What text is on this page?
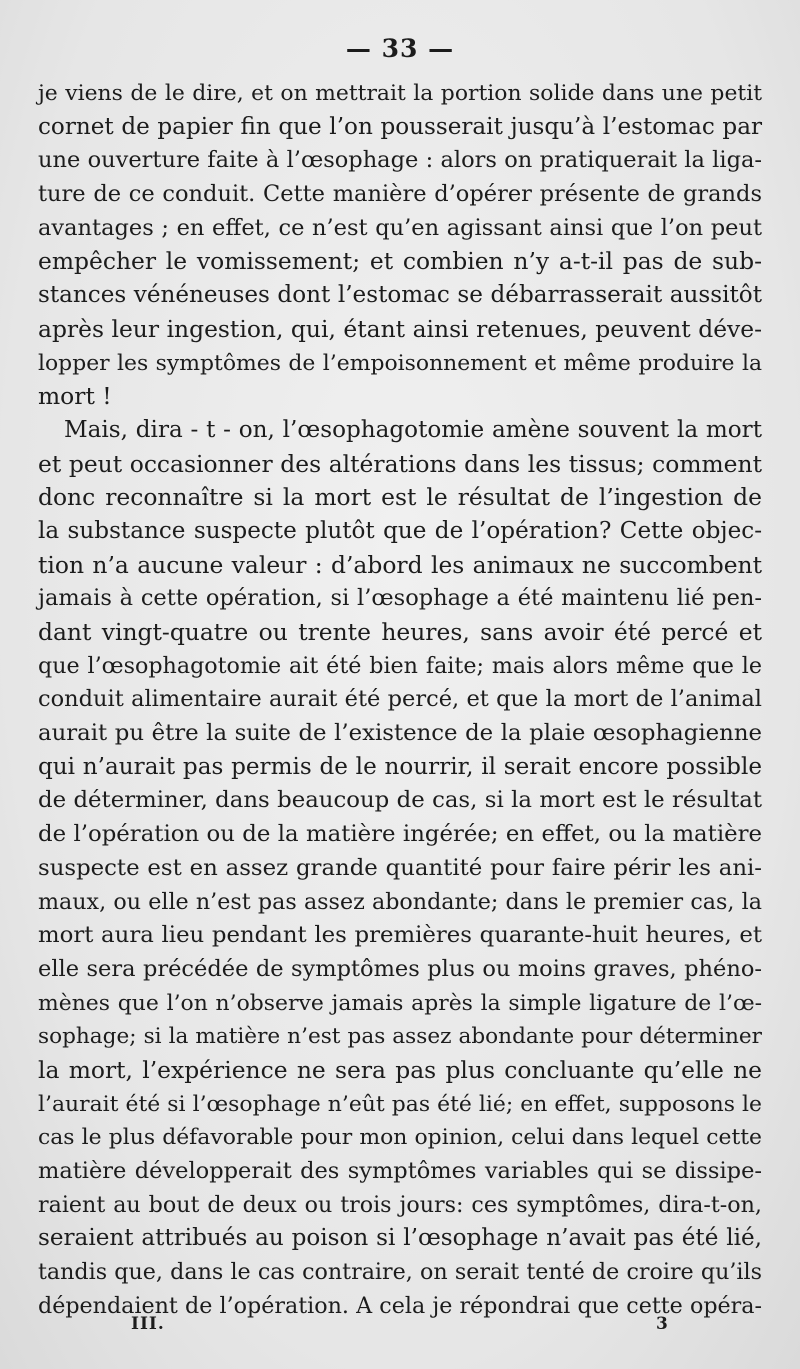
— 33 —
je viens de le dire, et on mettrait la portion solide dans une petit
cornet de papier fin que l’on pousserait jusqu’à l’estomac par
une ouverture faite à l’œsophage : alors on pratiquerait la liga-
ture de ce conduit. Cette manière d’opérer présente de grands
avantages ; en effet, ce n’est qu’en agissant ainsi que l’on peut
empêcher le vomissement; et combien n’y a-t-il pas de sub-
stances vénéneuses dont l’estomac se débarrasserait aussitôt
après leur ingestion, qui, étant ainsi retenues, peuvent déve-
lopper les symptômes de l’empoisonnement et même produire la
mort !
Mais, dira - t - on, l’œsophagotomie amène souvent la mort
et peut occasionner des altérations dans les tissus; comment
donc reconnaître si la mort est le résultat de l’ingestion de
la substance suspecte plutôt que de l’opération? Cette objec-
tion n’a aucune valeur : d’abord les animaux ne succombent
jamais à cette opération, si l’œsophage a été maintenu lié pen-
dant vingt-quatre ou trente heures, sans avoir été percé et
que l’œsophagotomie ait été bien faite; mais alors même que le
conduit alimentaire aurait été percé, et que la mort de l’animal
aurait pu être la suite de l’existence de la plaie œsophagienne
qui n’aurait pas permis de le nourrir, il serait encore possible
de déterminer, dans beaucoup de cas, si la mort est le résultat
de l’opération ou de la matière ingérée; en effet, ou la matière
suspecte est en assez grande quantité pour faire périr les ani-
maux, ou elle n’est pas assez abondante; dans le premier cas, la
mort aura lieu pendant les premières quarante-huit heures, et
elle sera précédée de symptômes plus ou moins graves, phéno-
mènes que l’on n’observe jamais après la simple ligature de l’œ-
sophage; si la matière n’est pas assez abondante pour déterminer
la mort, l’expérience ne sera pas plus concluante qu’elle ne
l’aurait été si l’œsophage n’eût pas été lié; en effet, supposons le
cas le plus défavorable pour mon opinion, celui dans lequel cette
matière développerait des symptômes variables qui se dissipe-
raient au bout de deux ou trois jours: ces symptômes, dira-t-on,
seraient attribués au poison si l’œsophage n’avait pas été lié,
tandis que, dans le cas contraire, on serait tenté de croire qu’ils
dépendaient de l’opération. A cela je répondrai que cette opéra-
III.	3
